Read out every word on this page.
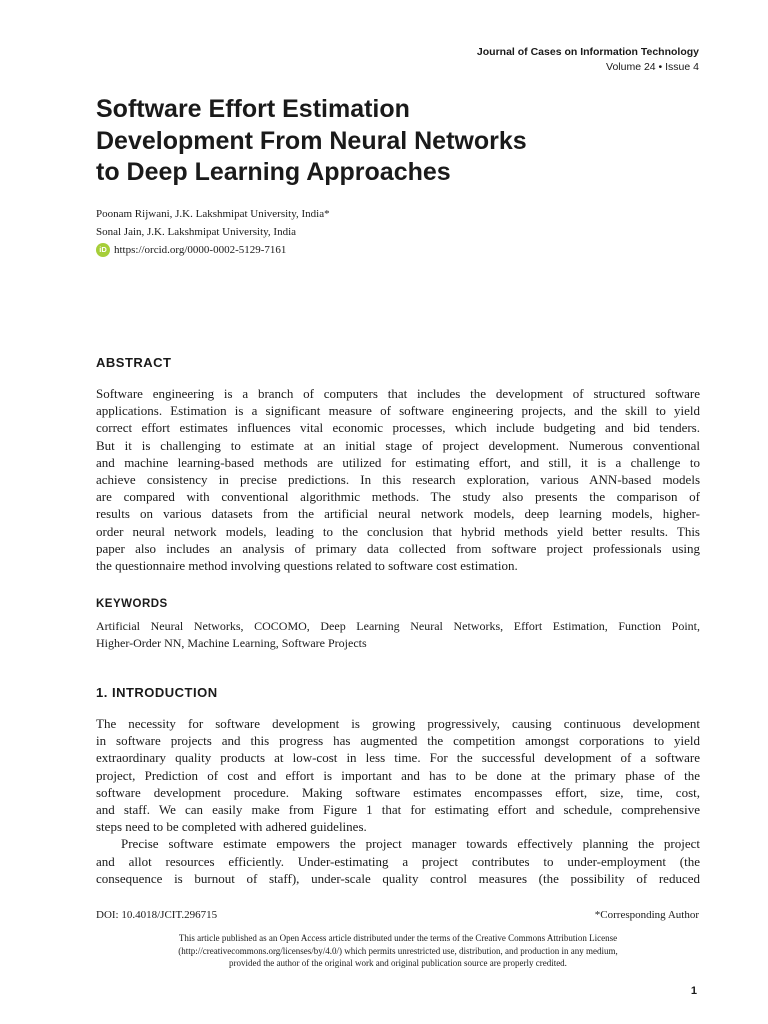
Journal of Cases on Information Technology
Volume 24 • Issue 4
Software Effort Estimation
Development From Neural Networks
to Deep Learning Approaches
Poonam Rijwani, J.K. Lakshmipat University, India*
Sonal Jain, J.K. Lakshmipat University, India
iD https://orcid.org/0000-0002-5129-7161
ABSTRACT
Software engineering is a branch of computers that includes the development of structured software
applications. Estimation is a significant measure of software engineering projects, and the skill to yield
correct effort estimates influences vital economic processes, which include budgeting and bid tenders.
But it is challenging to estimate at an initial stage of project development. Numerous conventional
and machine learning-based methods are utilized for estimating effort, and still, it is a challenge to
achieve consistency in precise predictions. In this research exploration, various ANN-based models
are compared with conventional algorithmic methods. The study also presents the comparison of
results on various datasets from the artificial neural network models, deep learning models, higher-
order neural network models, leading to the conclusion that hybrid methods yield better results. This
paper also includes an analysis of primary data collected from software project professionals using
the questionnaire method involving questions related to software cost estimation.
KEYWORDS
Artificial Neural Networks, COCOMO, Deep Learning Neural Networks, Effort Estimation, Function Point,
Higher-Order NN, Machine Learning, Software Projects
1. INTRODUCTION
The necessity for software development is growing progressively, causing continuous development
in software projects and this progress has augmented the competition amongst corporations to yield
extraordinary quality products at low-cost in less time. For the successful development of a software
project, Prediction of cost and effort is important and has to be done at the primary phase of the
software development procedure. Making software estimates encompasses effort, size, time, cost,
and staff. We can easily make from Figure 1 that for estimating effort and schedule, comprehensive
steps need to be completed with adhered guidelines.
Precise software estimate empowers the project manager towards effectively planning the project
and allot resources efficiently. Under-estimating a project contributes to under-employment (the
consequence is burnout of staff), under-scale quality control measures (the possibility of reduced
DOI: 10.4018/JCIT.296715	*Corresponding Author
This article published as an Open Access article distributed under the terms of the Creative Commons Attribution License
(http://creativecommons.org/licenses/by/4.0/) which permits unrestricted use, distribution, and production in any medium,
provided the author of the original work and original publication source are properly credited.
1
